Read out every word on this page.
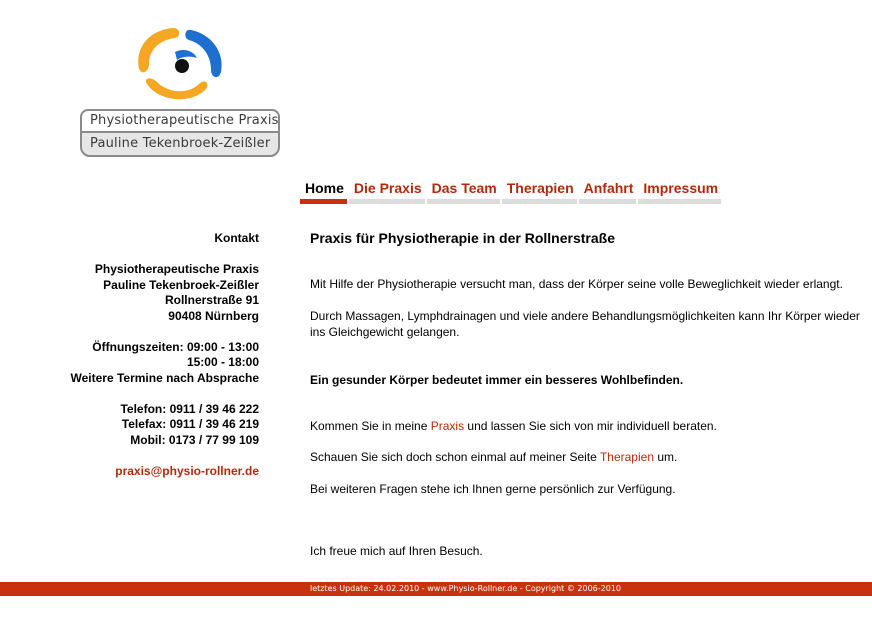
Physiotherapeutische Praxis
Pauline Tekenbroek-Zeißler
Home Die Praxis Das Team Therapien Anfahrt Impressum
Kontakt
Physiotherapeutische Praxis
Pauline Tekenbroek-Zeißler
Rollnerstraße 91
90408 Nürnberg
Öffnungszeiten: 09:00 - 13:00
15:00 - 18:00
Weitere Termine nach Absprache
Telefon: 0911 / 39 46 222
Telefax: 0911 / 39 46 219
Mobil: 0173 / 77 99 109
praxis@physio-rollner.de
Praxis für Physiotherapie in der Rollnerstraße

Mit Hilfe der Physiotherapie versucht man, dass der Körper seine volle Beweglichkeit wieder erlangt.

Durch Massagen, Lymphdrainagen und viele andere Behandlungsmöglichkeiten kann Ihr Körper wieder ins Gleichgewicht gelangen.

Ein gesunder Körper bedeutet immer ein besseres Wohlbefinden.

Kommen Sie in meine Praxis und lassen Sie sich von mir individuell beraten.

Schauen Sie sich doch schon einmal auf meiner Seite Therapien um.

Bei weiteren Fragen stehe ich Ihnen gerne persönlich zur Verfügung.

Ich freue mich auf Ihren Besuch.

letztes Update: 24.02.2010 - www.Physio-Rollner.de - Copyright © 2006-2010
